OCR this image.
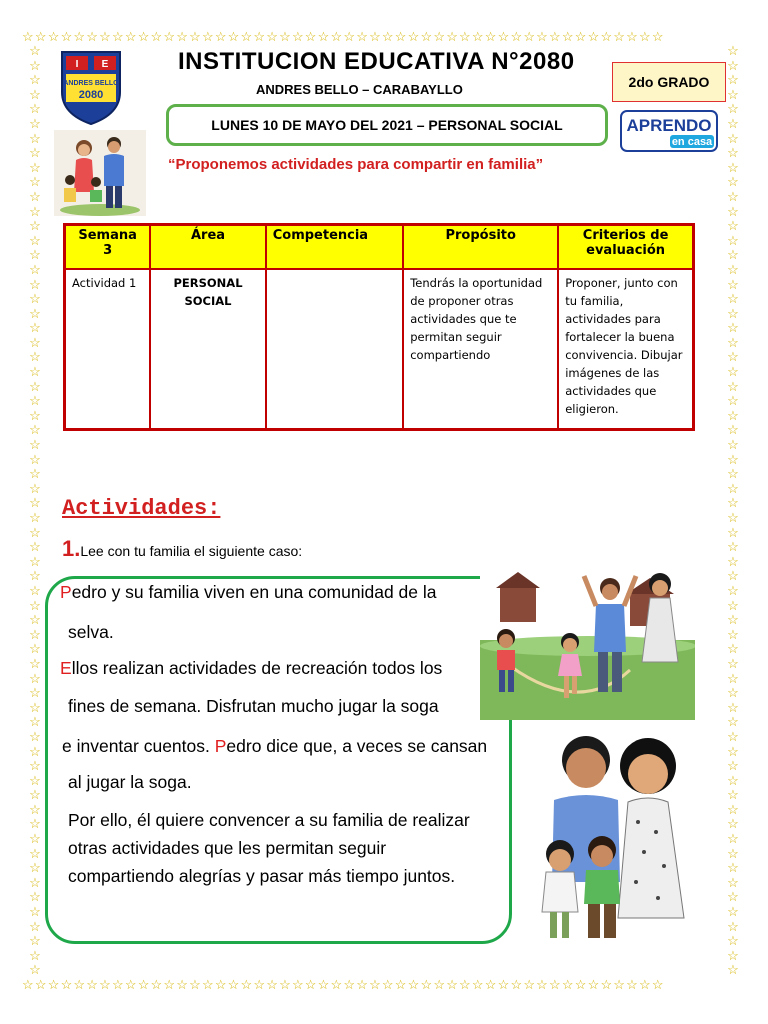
☆☆☆☆☆☆☆☆☆☆☆☆☆☆☆☆☆☆☆☆☆☆☆☆☆☆☆☆☆☆☆☆☆☆☆☆☆☆☆☆☆☆☆☆☆☆☆☆☆☆
☆☆☆☆☆☆☆☆☆☆☆☆☆☆☆☆☆☆☆☆☆☆☆☆☆☆☆☆☆☆☆☆☆☆☆☆☆☆☆☆☆☆☆☆☆☆☆☆☆☆
☆
☆
☆
☆
☆
☆
☆
☆
☆
☆
☆
☆
☆
☆
☆
☆
☆
☆
☆
☆
☆
☆
☆
☆
☆
☆
☆
☆
☆
☆
☆
☆
☆
☆
☆
☆
☆
☆
☆
☆
☆
☆
☆
☆
☆
☆
☆
☆
☆
☆
☆
☆
☆
☆
☆
☆
☆
☆
☆
☆
☆
☆
☆
☆
☆
☆
☆
☆
☆
☆
☆
☆
☆
☆
☆
☆
☆
☆
☆
☆
☆
☆
☆
☆
☆
☆
☆
☆
☆
☆
☆
☆
☆
☆
☆
☆
☆
☆
☆
☆
☆
☆
☆
☆
☆
☆
☆
☆
☆
☆
☆
☆
☆
☆
☆
☆
☆
☆
☆
☆
☆
☆
☆
☆
☆
☆
☆
☆
I E
ANDRES BELLO
2080
INSTITUCION EDUCATIVA N°2080
ANDRES BELLO – CARABAYLLO	2do GRADO
LUNES 10 DE MAYO DEL 2021 – PERSONAL SOCIAL	APRENDO
en casa
“Proponemos actividades para compartir en familia”
Semana 3	Área	Competencia	Propósito	Criterios de evaluación
Actividad 1	PERSONAL SOCIAL		Tendrás la oportunidad de proponer otras actividades que te permitan seguir compartiendo	Proponer, junto con tu familia, actividades para fortalecer la buena convivencia. Dibujar imágenes de las actividades que eligieron.
Actividades:
1.Lee con tu familia el siguiente caso:
Pedro y su familia viven en una comunidad de la
selva.
Ellos realizan actividades de recreación todos los
fines de semana. Disfrutan mucho jugar la soga
e inventar cuentos. Pedro dice que, a veces se cansan
al jugar la soga.
Por ello, él quiere convencer a su familia de realizar
otras actividades que les permitan seguir
compartiendo alegrías y pasar más tiempo juntos.
